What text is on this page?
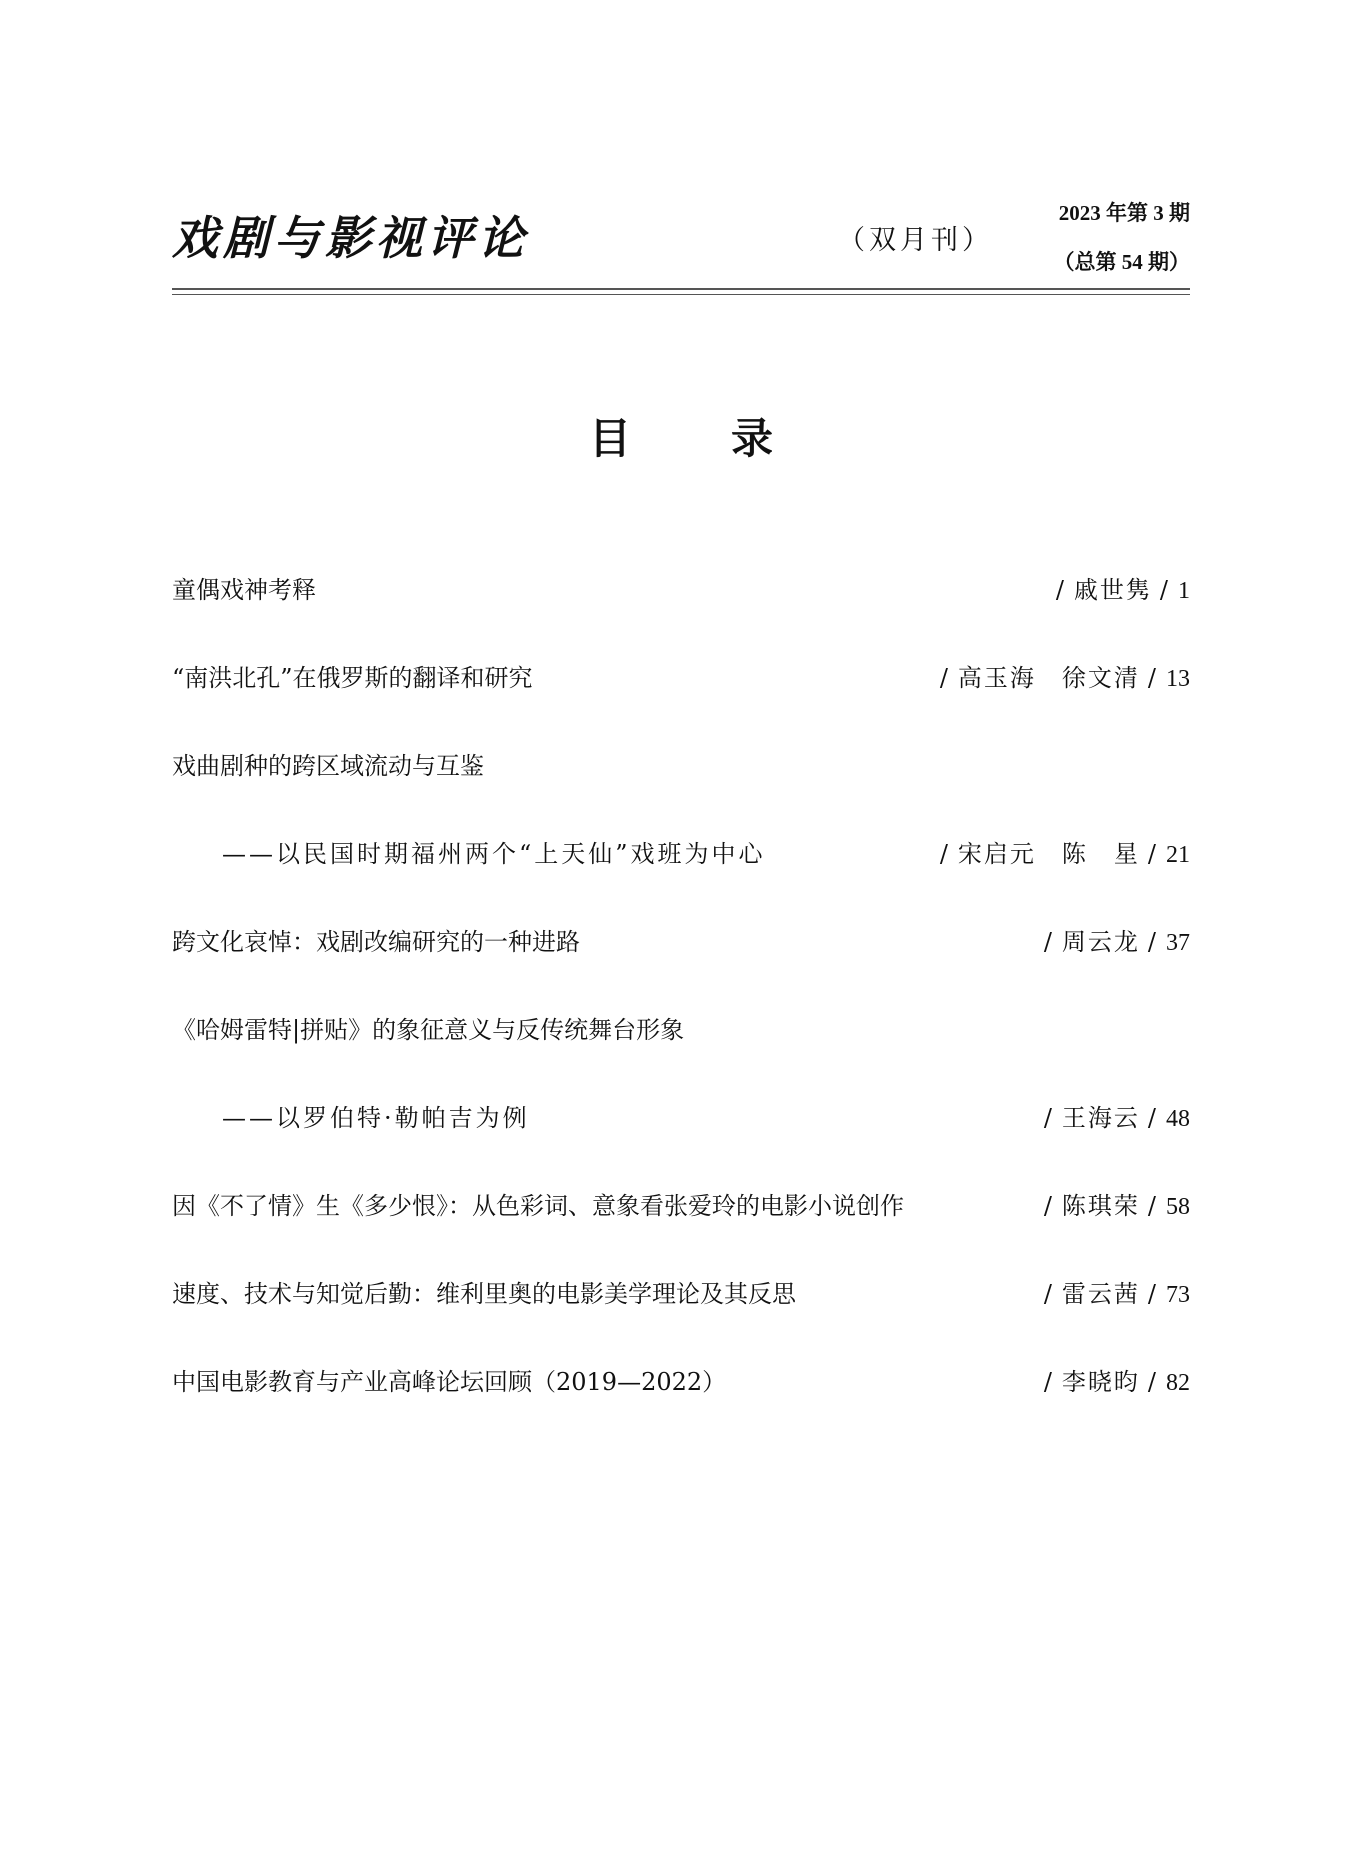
戏剧与影视评论	（双月刊）
2023 年第 3 期
（总第 54 期）
目录
童偶戏神考释	/ 戚世隽 / 1
“南洪北孔”在俄罗斯的翻译和研究	/ 高玉海　徐文清 / 13
戏曲剧种的跨区域流动与互鉴
——以民国时期福州两个“上天仙”戏班为中心	/ 宋启元　陈　星 / 21
跨文化哀悼：戏剧改编研究的一种进路	/ 周云龙 / 37
《哈姆雷特|拼贴》的象征意义与反传统舞台形象
——以罗伯特·勒帕吉为例	/ 王海云 / 48
因《不了情》生《多少恨》：从色彩词、意象看张爱玲的电影小说创作	/ 陈琪荣 / 58
速度、技术与知觉后勤：维利里奥的电影美学理论及其反思	/ 雷云茜 / 73
中国电影教育与产业高峰论坛回顾（2019—2022）	/ 李晓昀 / 82
